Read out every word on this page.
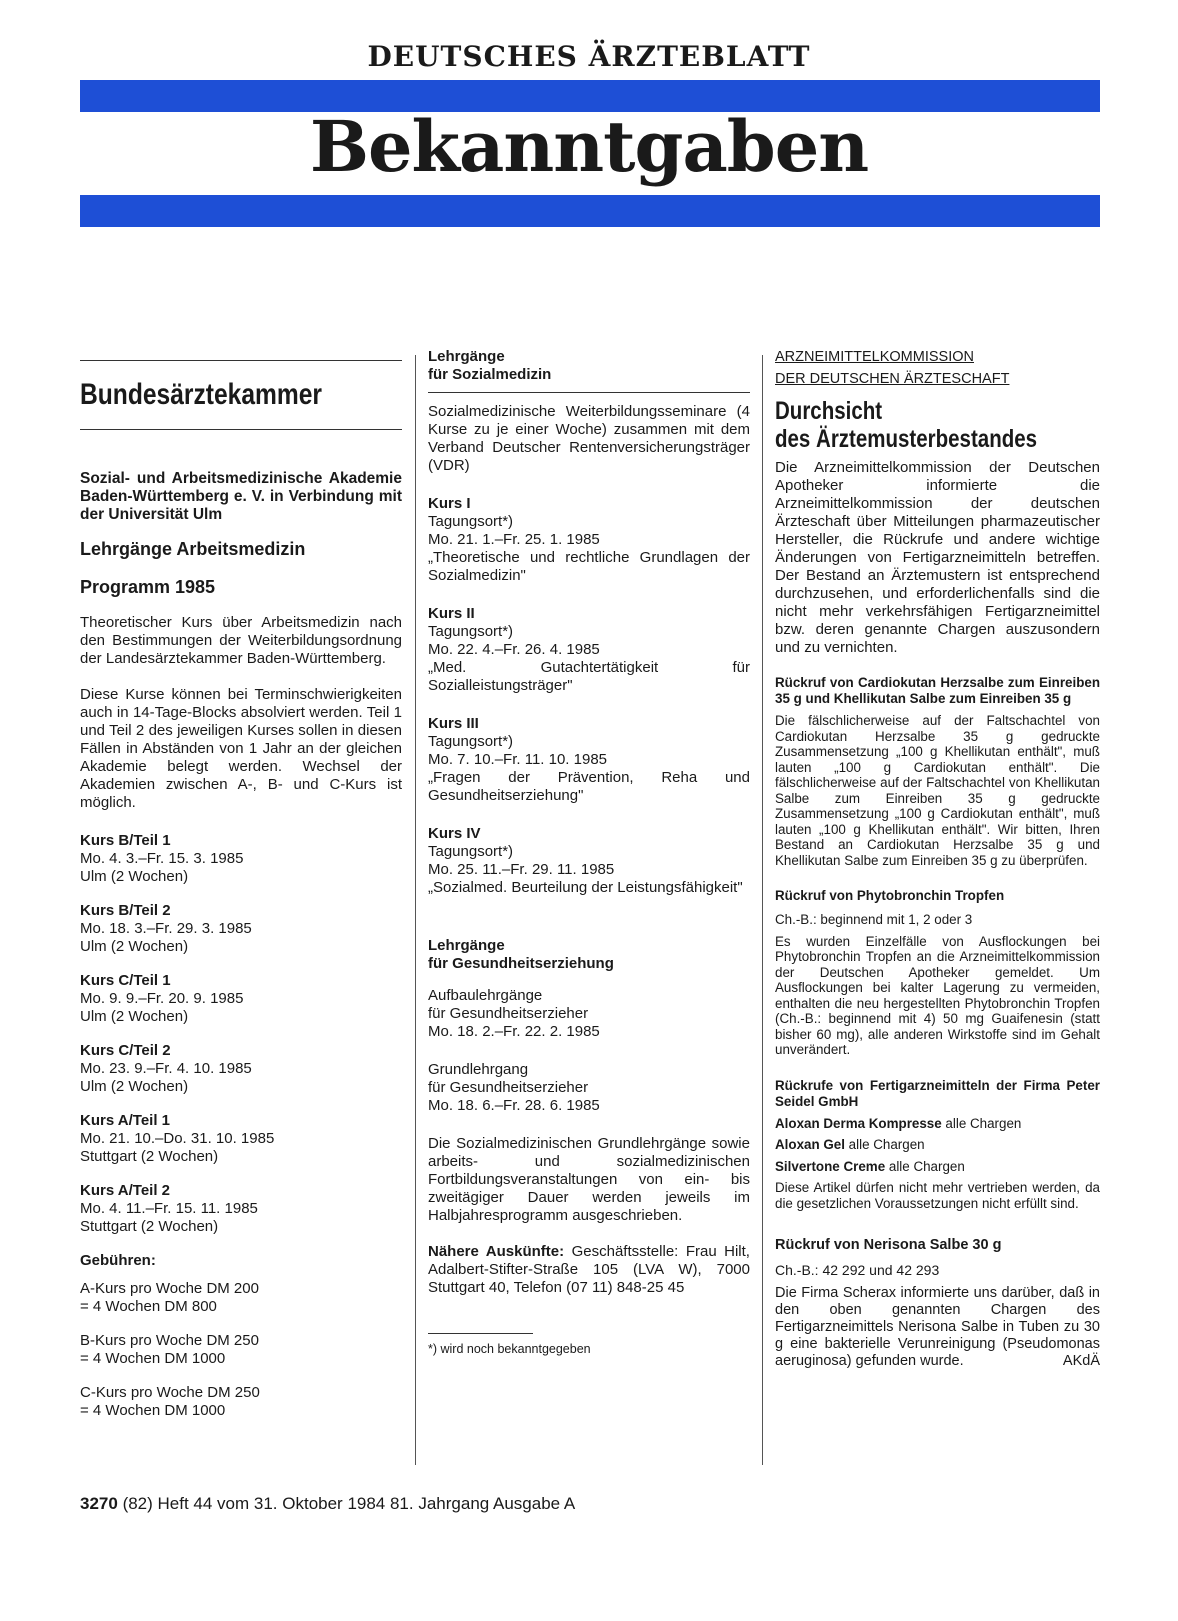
DEUTSCHES ÄRZTEBLATT
Bekanntgaben
Bundesärztekammer

Sozial- und Arbeitsmedizinische Akademie Baden-Württemberg e. V. in Verbindung mit der Universität Ulm

Lehrgänge Arbeitsmedizin

Programm 1985

Theoretischer Kurs über Arbeitsmedizin nach den Bestimmungen der Weiterbildungsordnung der Landesärztekammer Baden-Württemberg.

Diese Kurse können bei Terminschwierigkeiten auch in 14-Tage-Blocks absolviert werden. Teil 1 und Teil 2 des jeweiligen Kurses sollen in diesen Fällen in Abständen von 1 Jahr an der gleichen Akademie belegt werden. Wechsel der Akademien zwischen A-, B- und C-Kurs ist möglich.

Kurs B/Teil 1
Mo. 4. 3.–Fr. 15. 3. 1985
Ulm (2 Wochen)
Kurs B/Teil 2
Mo. 18. 3.–Fr. 29. 3. 1985
Ulm (2 Wochen)
Kurs C/Teil 1
Mo. 9. 9.–Fr. 20. 9. 1985
Ulm (2 Wochen)
Kurs C/Teil 2
Mo. 23. 9.–Fr. 4. 10. 1985
Ulm (2 Wochen)
Kurs A/Teil 1
Mo. 21. 10.–Do. 31. 10. 1985
Stuttgart (2 Wochen)
Kurs A/Teil 2
Mo. 4. 11.–Fr. 15. 11. 1985
Stuttgart (2 Wochen)

Gebühren:

A-Kurs pro Woche DM 200
= 4 Wochen DM 800
B-Kurs pro Woche DM 250
= 4 Wochen DM 1000
C-Kurs pro Woche DM 250
= 4 Wochen DM 1000
Lehrgänge
für Sozialmedizin

Sozialmedizinische Weiterbildungsseminare (4 Kurse zu je einer Woche) zusammen mit dem Verband Deutscher Rentenversicherungsträger (VDR)

Kurs I
Tagungsort*)
Mo. 21. 1.–Fr. 25. 1. 1985
„Theoretische und rechtliche Grundlagen der Sozialmedizin"
Kurs II
Tagungsort*)
Mo. 22. 4.–Fr. 26. 4. 1985
„Med. Gutachtertätigkeit für Sozialleistungsträger"
Kurs III
Tagungsort*)
Mo. 7. 10.–Fr. 11. 10. 1985
„Fragen der Prävention, Reha und Gesundheitserziehung"
Kurs IV
Tagungsort*)
Mo. 25. 11.–Fr. 29. 11. 1985
„Sozialmed. Beurteilung der Leistungsfähigkeit"
Lehrgänge
für Gesundheitserziehung
Aufbaulehrgänge
für Gesundheitserzieher
Mo. 18. 2.–Fr. 22. 2. 1985
Grundlehrgang
für Gesundheitserzieher
Mo. 18. 6.–Fr. 28. 6. 1985

Die Sozialmedizinischen Grundlehrgänge sowie arbeits- und sozialmedizinischen Fortbildungsveranstaltungen von ein- bis zweitägiger Dauer werden jeweils im Halbjahresprogramm ausgeschrieben.

Nähere Auskünfte: Geschäftsstelle: Frau Hilt, Adalbert-Stifter-Straße 105 (LVA W), 7000 Stuttgart 40, Telefon (07 11) 848-25 45

*) wird noch bekanntgegeben

ARZNEIMITTELKOMMISSION
DER DEUTSCHEN ÄRZTESCHAFT
Durchsicht
des Ärztemusterbestandes

Die Arzneimittelkommission der Deutschen Apotheker informierte die Arzneimittelkommission der deutschen Ärzteschaft über Mitteilungen pharmazeutischer Hersteller, die Rückrufe und andere wichtige Änderungen von Fertigarzneimitteln betreffen. Der Bestand an Ärztemustern ist entsprechend durchzusehen, und erforderlichenfalls sind die nicht mehr verkehrsfähigen Fertigarzneimittel bzw. deren genannte Chargen auszusondern und zu vernichten.

Rückruf von Cardiokutan Herzsalbe zum Einreiben 35 g und Khellikutan Salbe zum Einreiben 35 g

Die fälschlicherweise auf der Faltschachtel von Cardiokutan Herzsalbe 35 g gedruckte Zusammensetzung „100 g Khellikutan enthält", muß lauten „100 g Cardiokutan enthält". Die fälschlicherweise auf der Faltschachtel von Khellikutan Salbe zum Einreiben 35 g gedruckte Zusammensetzung „100 g Cardiokutan enthält", muß lauten „100 g Khellikutan enthält". Wir bitten, Ihren Bestand an Cardiokutan Herzsalbe 35 g und Khellikutan Salbe zum Einreiben 35 g zu überprüfen.

Rückruf von Phytobronchin Tropfen

Ch.-B.: beginnend mit 1, 2 oder 3

Es wurden Einzelfälle von Ausflockungen bei Phytobronchin Tropfen an die Arzneimittelkommission der Deutschen Apotheker gemeldet. Um Ausflockungen bei kalter Lagerung zu vermeiden, enthalten die neu hergestellten Phytobronchin Tropfen (Ch.-B.: beginnend mit 4) 50 mg Guaifenesin (statt bisher 60 mg), alle anderen Wirkstoffe sind im Gehalt unverändert.

Rückrufe von Fertigarzneimitteln der Firma Peter Seidel GmbH

Aloxan Derma Kompresse alle Chargen

Aloxan Gel alle Chargen

Silvertone Creme alle Chargen

Diese Artikel dürfen nicht mehr vertrieben werden, da die gesetzlichen Voraussetzungen nicht erfüllt sind.

Rückruf von Nerisona Salbe 30 g

Ch.-B.: 42 292 und 42 293

Die Firma Scherax informierte uns darüber, daß in den oben genannten Chargen des Fertigarzneimittels Nerisona Salbe in Tuben zu 30 g eine bakterielle Verunreinigung (Pseudomonas aeruginosa) gefunden wurde.	AKdÄ

3270 (82) Heft 44 vom 31. Oktober 1984 81. Jahrgang Ausgabe A
